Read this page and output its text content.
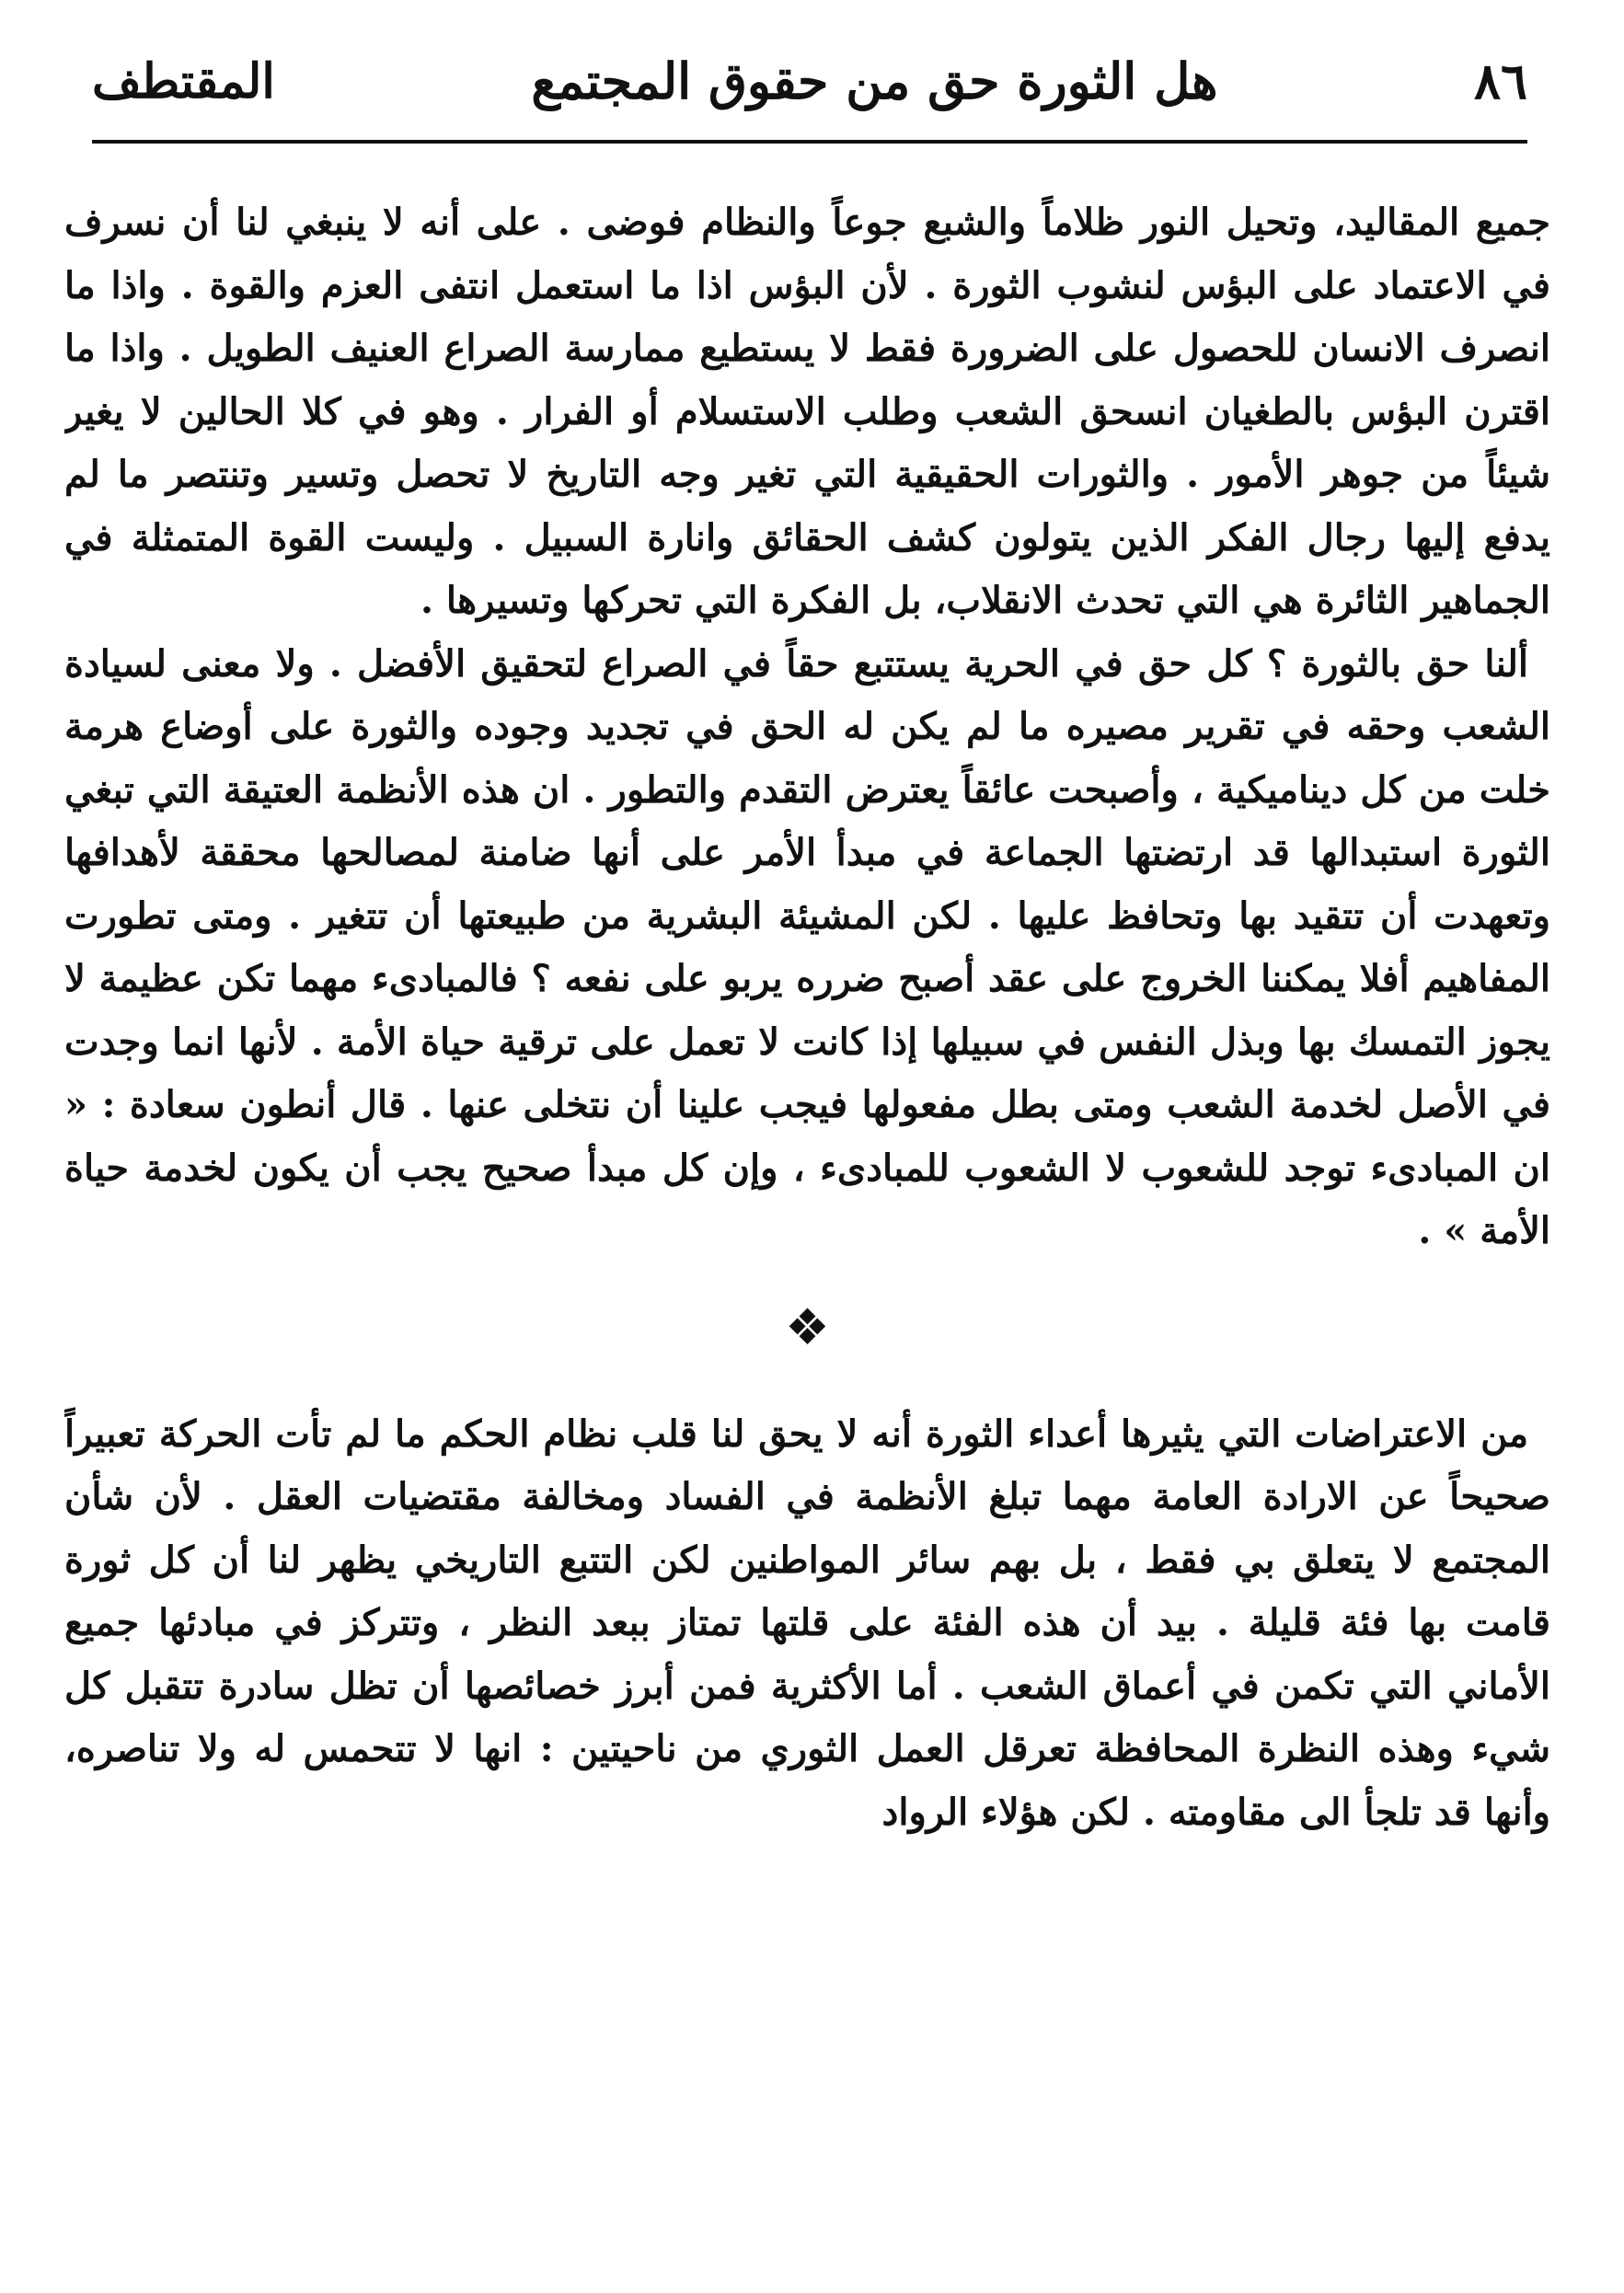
٨٦
هل الثورة حق من حقوق المجتمع
المقتطف

جميع المقاليد، وتحيل النور ظلاماً والشبع جوعاً والنظام فوضى . على أنه لا ينبغي لنا أن نسرف في الاعتماد على البؤس لنشوب الثورة . لأن البؤس اذا ما استعمل انتفى العزم والقوة . واذا ما انصرف الانسان للحصول على الضرورة فقط لا يستطيع ممارسة الصراع العنيف الطويل . واذا ما اقترن البؤس بالطغيان انسحق الشعب وطلب الاستسلام أو الفرار . وهو في كلا الحالين لا يغير شيئاً من جوهر الأمور . والثورات الحقيقية التي تغير وجه التاريخ لا تحصل وتسير وتنتصر ما لم يدفع إليها رجال الفكر الذين يتولون كشف الحقائق وانارة السبيل . وليست القوة المتمثلة في الجماهير الثائرة هي التي تحدث الانقلاب، بل الفكرة التي تحركها وتسيرها .

ألنا حق بالثورة ؟ كل حق في الحرية يستتبع حقاً في الصراع لتحقيق الأفضل . ولا معنى لسيادة الشعب وحقه في تقرير مصيره ما لم يكن له الحق في تجديد وجوده والثورة على أوضاع هرمة خلت من كل ديناميكية ، وأصبحت عائقاً يعترض التقدم والتطور . ان هذه الأنظمة العتيقة التي تبغي الثورة استبدالها قد ارتضتها الجماعة في مبدأ الأمر على أنها ضامنة لمصالحها محققة لأهدافها وتعهدت أن تتقيد بها وتحافظ عليها . لكن المشيئة البشرية من طبيعتها أن تتغير . ومتى تطورت المفاهيم أفلا يمكننا الخروج على عقد أصبح ضرره يربو على نفعه ؟ فالمبادىء مهما تكن عظيمة لا يجوز التمسك بها وبذل النفس في سبيلها إذا كانت لا تعمل على ترقية حياة الأمة . لأنها انما وجدت في الأصل لخدمة الشعب ومتى بطل مفعولها فيجب علينا أن نتخلى عنها . قال أنطون سعادة : « ان المبادىء توجد للشعوب لا الشعوب للمبادىء ، وإن كل مبدأ صحيح يجب أن يكون لخدمة حياة الأمة » .

❖

من الاعتراضات التي يثيرها أعداء الثورة أنه لا يحق لنا قلب نظام الحكم ما لم تأت الحركة تعبيراً صحيحاً عن الارادة العامة مهما تبلغ الأنظمة في الفساد ومخالفة مقتضيات العقل . لأن شأن المجتمع لا يتعلق بي فقط ، بل بهم سائر المواطنين لكن التتبع التاريخي يظهر لنا أن كل ثورة قامت بها فئة قليلة . بيد أن هذه الفئة على قلتها تمتاز ببعد النظر ، وتتركز في مبادئها جميع الأماني التي تكمن في أعماق الشعب . أما الأكثرية فمن أبرز خصائصها أن تظل سادرة تتقبل كل شيء وهذه النظرة المحافظة تعرقل العمل الثوري من ناحيتين : انها لا تتحمس له ولا تناصره، وأنها قد تلجأ الى مقاومته . لكن هؤلاء الرواد
